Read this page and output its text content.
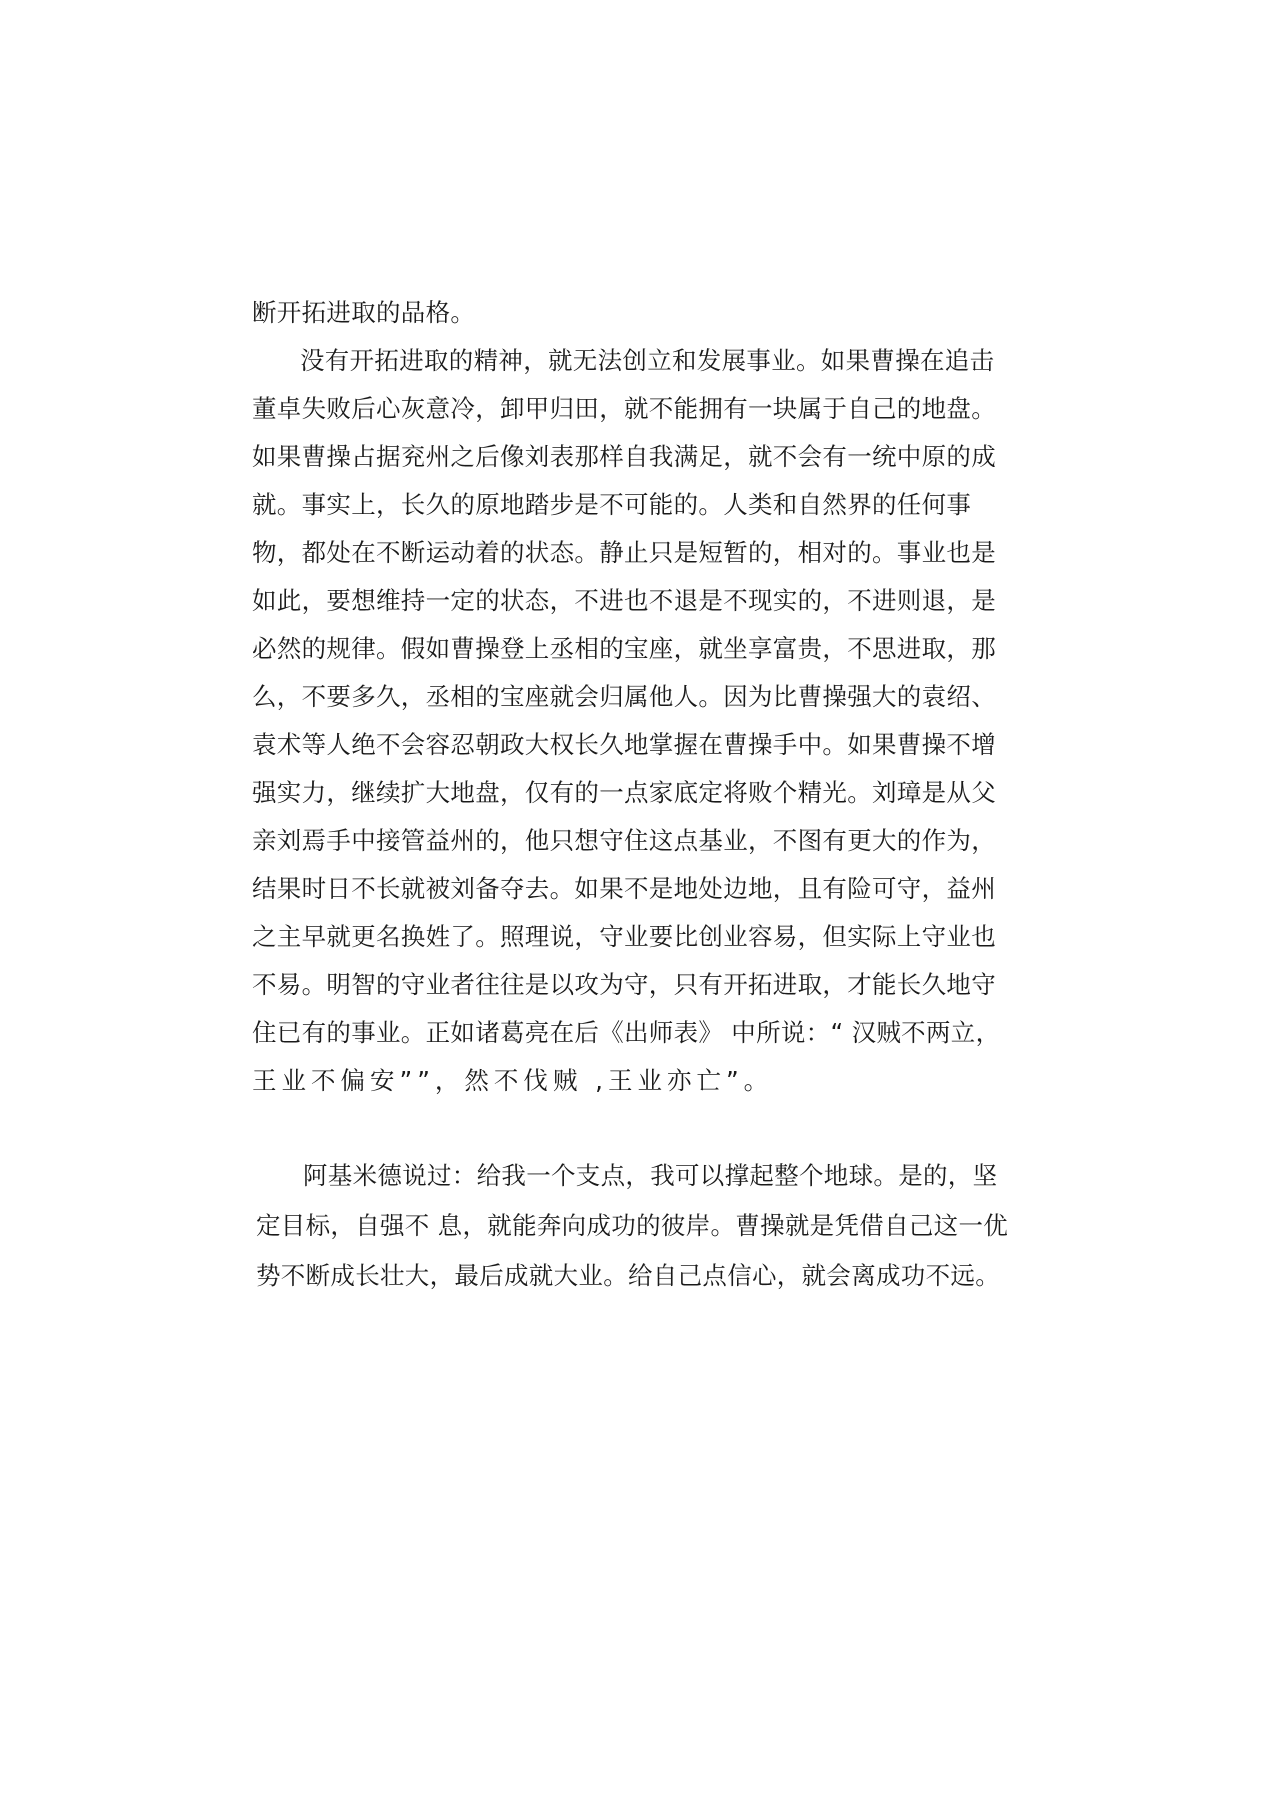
断开拓进取的品格。

没有开拓进取的精神，就无法创立和发展事业。如果曹操在追击

董卓失败后心灰意冷，卸甲归田，就不能拥有一块属于自己的地盘。

如果曹操占据兖州之后像刘表那样自我满足，就不会有一统中原的成

就。事实上，长久的原地踏步是不可能的。人类和自然界的任何事

物，都处在不断运动着的状态。静止只是短暂的，相对的。事业也是

如此，要想维持一定的状态，不进也不退是不现实的，不进则退，是

必然的规律。假如曹操登上丞相的宝座，就坐享富贵，不思进取，那

么，不要多久，丞相的宝座就会归属他人。因为比曹操强大的袁绍、

袁术等人绝不会容忍朝政大权长久地掌握在曹操手中。如果曹操不增

强实力，继续扩大地盘，仅有的一点家底定将败个精光。刘璋是从父

亲刘焉手中接管益州的，他只想守住这点基业，不图有更大的作为，

结果时日不长就被刘备夺去。如果不是地处边地，且有险可守，益州

之主早就更名换姓了。照理说，守业要比创业容易，但实际上守业也

不易。明智的守业者往往是以攻为守，只有开拓进取，才能长久地守

住已有的事业。正如诸葛亮在后《出师表》 中所说：“ 汉贼不两立，

王业不偏安””，然不伐贼 ,王业亦亡”。

阿基米德说过：给我一个支点，我可以撑起整个地球。是的，坚

定目标，自强不 息，就能奔向成功的彼岸。曹操就是凭借自己这一优

势不断成长壮大，最后成就大业。给自己点信心，就会离成功不远。
